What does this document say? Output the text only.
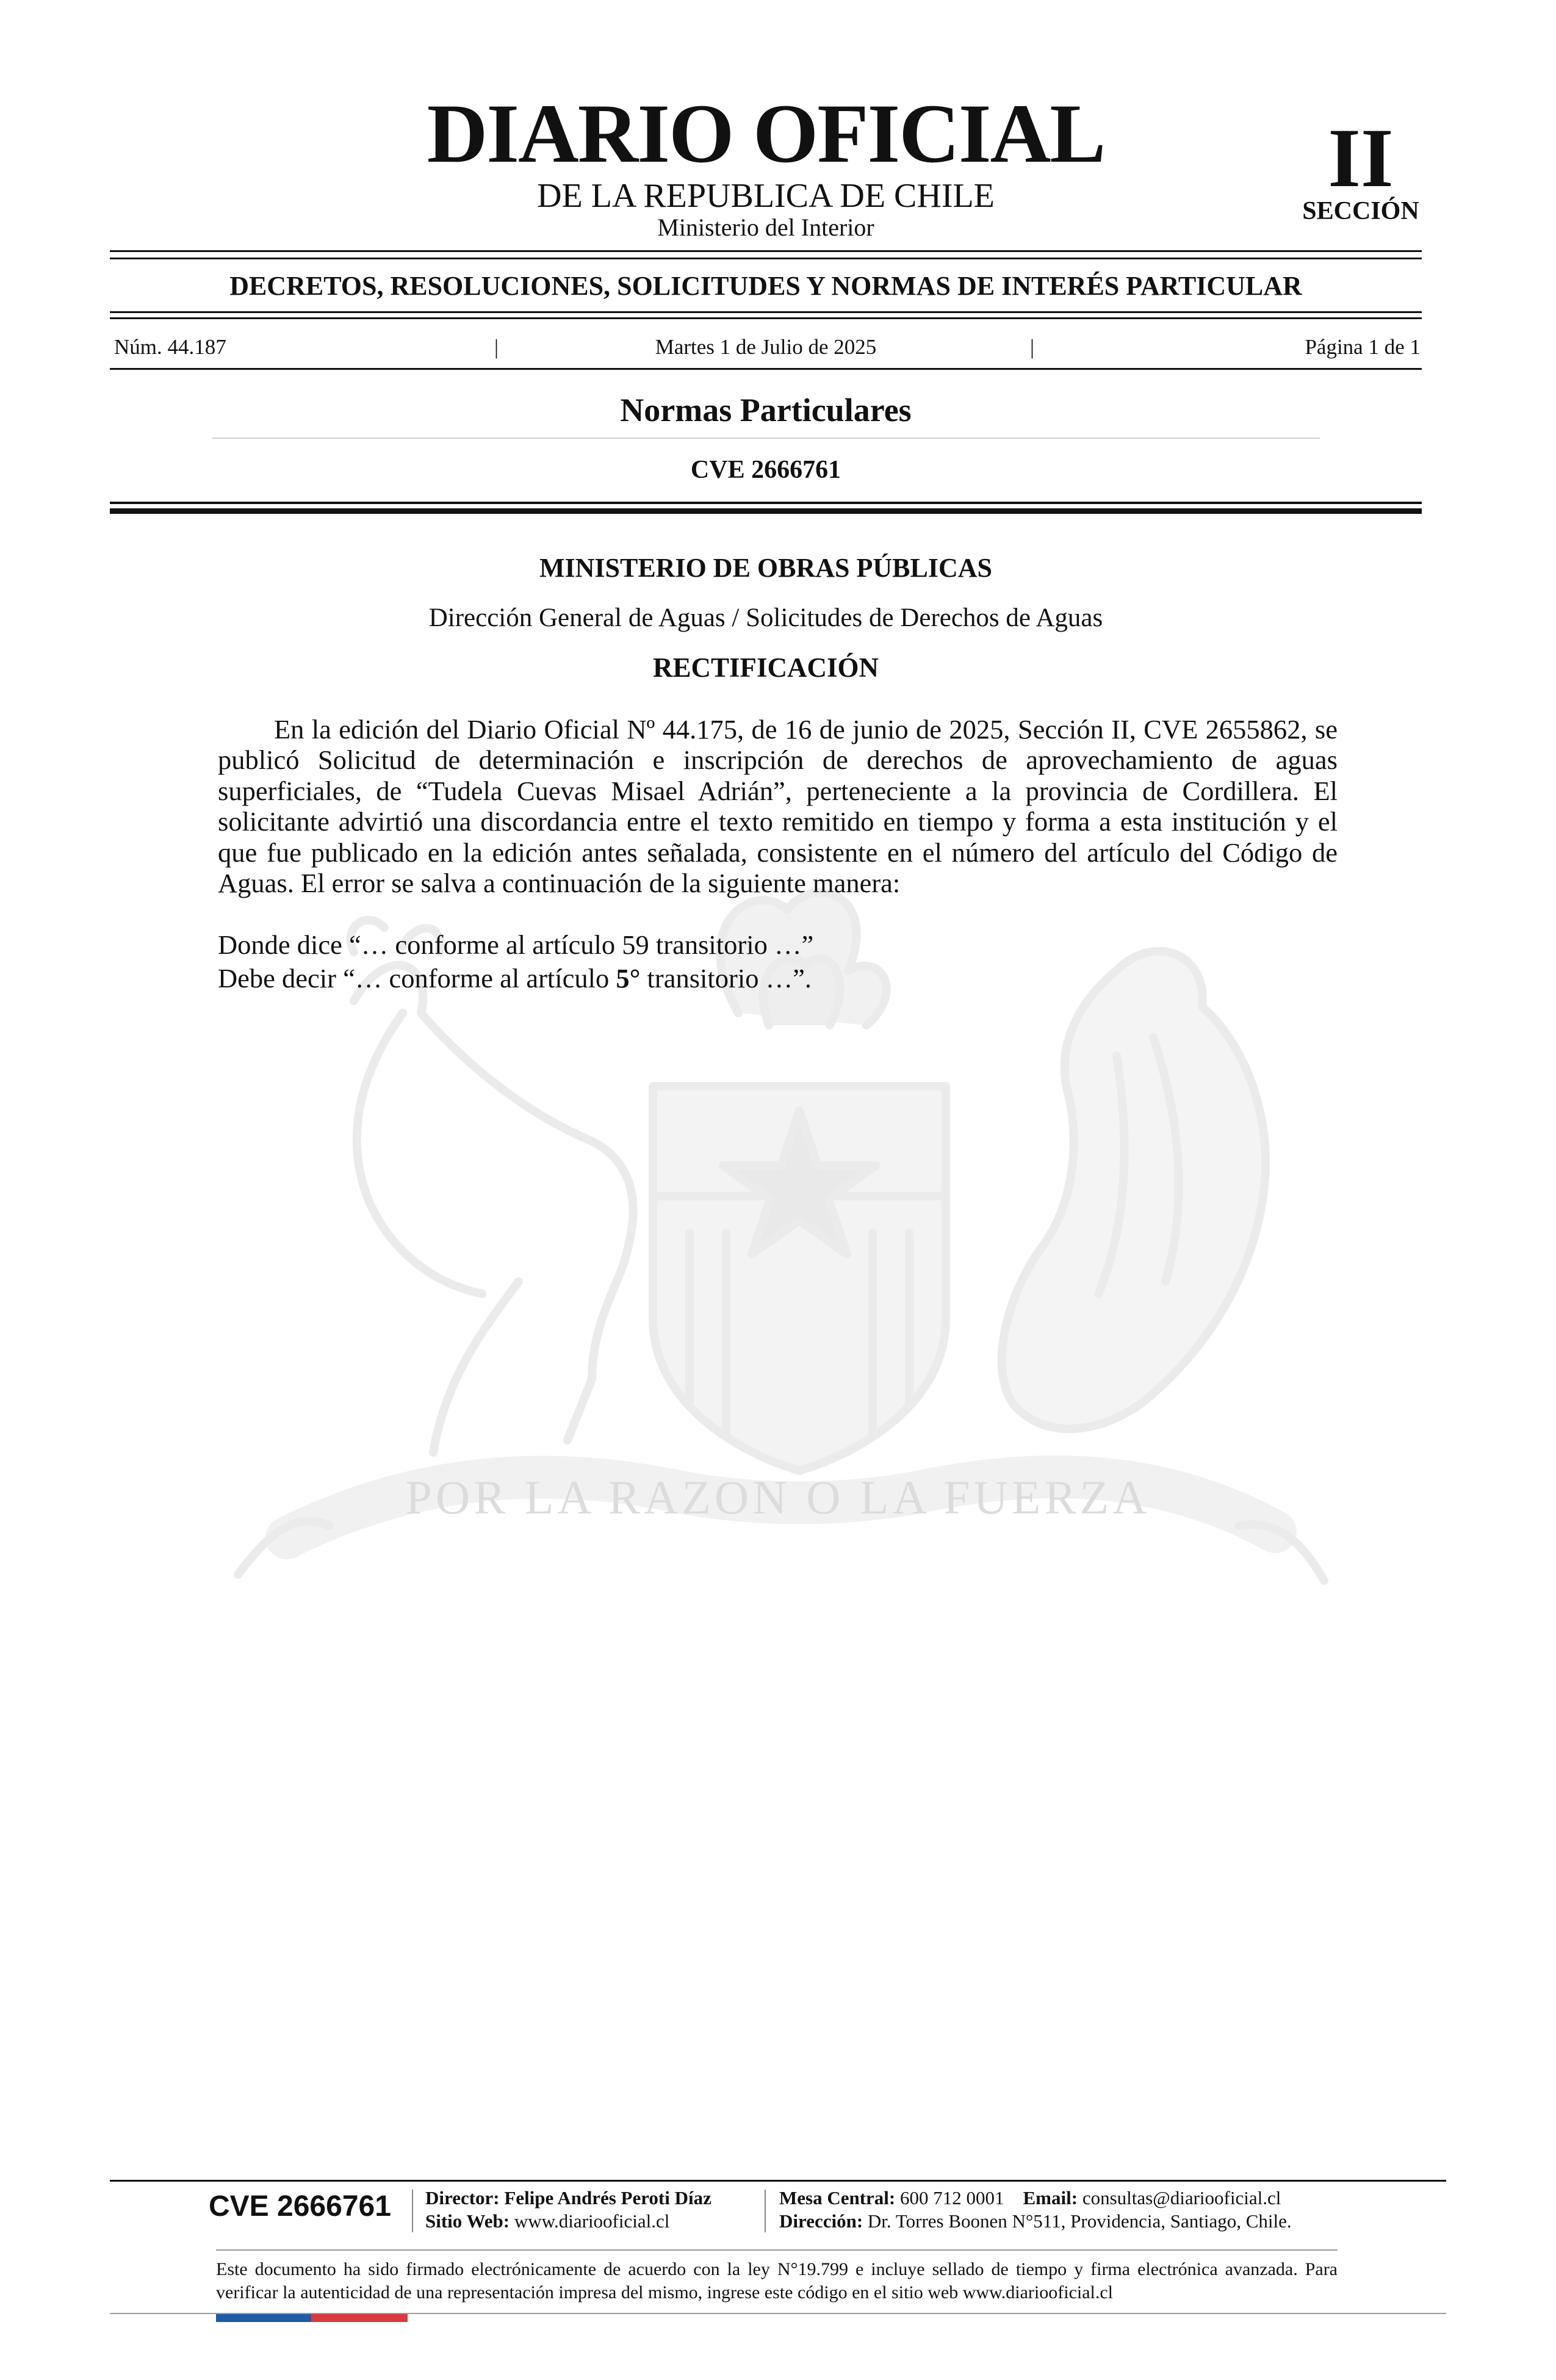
POR LA RAZON O LA FUERZA
DIARIO OFICIAL
DE LA REPUBLICA DE CHILE
Ministerio del Interior
II
SECCIÓN
DECRETOS, RESOLUCIONES, SOLICITUDES Y NORMAS DE INTERÉS PARTICULAR
Núm. 44.187	|	Martes 1 de Julio de 2025	|	Página 1 de 1
Normas Particulares
CVE 2666761
MINISTERIO DE OBRAS PÚBLICAS
Dirección General de Aguas / Solicitudes de Derechos de Aguas
RECTIFICACIÓN

En la edición del Diario Oficial Nº 44.175, de 16 de junio de 2025, Sección II, CVE 2655862, se publicó Solicitud de determinación e inscripción de derechos de aprovechamiento de aguas superficiales, de “Tudela Cuevas Misael Adrián”, perteneciente a la provincia de Cordillera. El solicitante advirtió una discordancia entre el texto remitido en tiempo y forma a esta institución y el que fue publicado en la edición antes señalada, consistente en el número del artículo del Código de Aguas. El error se salva a continuación de la siguiente manera:

Donde dice “… conforme al artículo 59 transitorio …”
Debe decir “… conforme al artículo 5° transitorio …”.
CVE 2666761	Director: Felipe Andrés Peroti Díaz
Sitio Web: www.diariooficial.cl
Mesa Central: 600 712 0001 Email: consultas@diariooficial.cl
Dirección: Dr. Torres Boonen N°511, Providencia, Santiago, Chile.

Este documento ha sido firmado electrónicamente de acuerdo con la ley N°19.799 e incluye sellado de tiempo y firma electrónica avanzada. Para verificar la autenticidad de una representación impresa del mismo, ingrese este código en el sitio web www.diariooficial.cl
